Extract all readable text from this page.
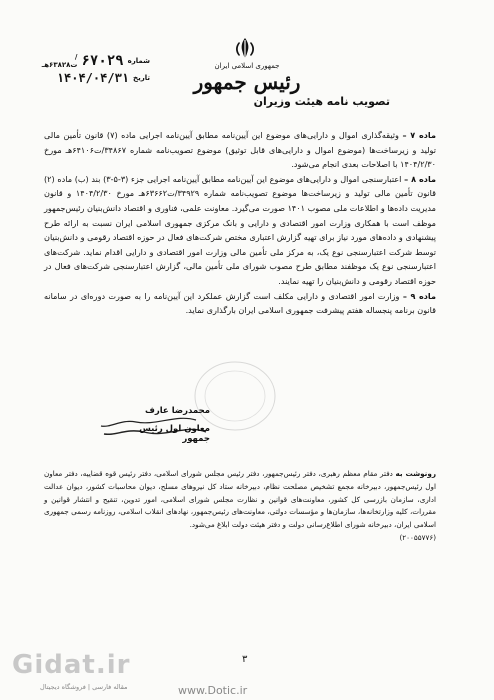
جمهوری اسلامی ایران
رئیس جمهور
تصویب نامه هیئت وزیران
شماره
۶۷۰۲۹
/ت۶۳۸۲۸هـ
تاریخ
۱۴۰۴/۰۴/۳۱

ماده ۷ – وثیقه‌گذاری اموال و دارایی‌های موضوع این آیین‌نامه مطابق آیین‌نامه اجرایی ماده (۷) قانون تأمین مالی تولید و زیرساخت‌ها (موضوع اموال و دارایی‌های قابل توثیق) موضوع تصویب‌نامه شماره ۳۴۸۶۷/ت۶۴۱۰۶هـ مورخ ۱۴۰۴/۲/۳۰ با اصلاحات بعدی انجام می‌شود.

ماده ۸ – اعتبارسنجی اموال و دارایی‌های موضوع این آیین‌نامه مطابق آیین‌نامه اجرایی جزء (۳-۵-۳) بند (ب) ماده (۲) قانون تأمین مالی تولید و زیرساخت‌ها موضوع تصویب‌نامه شماره ۳۴۹۲۹/ت۶۳۶۶۲هـ مورخ ۱۴۰۴/۲/۳۰ و قانون مدیریت داده‌ها و اطلاعات ملی مصوب ۱۴۰۱ صورت می‌گیرد. معاونت علمی، فناوری و اقتصاد دانش‌بنیان رئیس‌جمهور موظف است با همکاری وزارت امور اقتصادی و دارایی و بانک مرکزی جمهوری اسلامی ایران نسبت به ارائه طرح پیشنهادی و داده‌های مورد نیاز برای تهیه گزارش اعتباری مختص شرکت‌های فعال در حوزه اقتصاد رقومی و دانش‌بنیان توسط شرکت اعتبارسنجی نوع یک، به مرکز ملی تأمین مالی وزارت امور اقتصادی و دارایی اقدام نماید. شرکت‌های اعتبارسنجی نوع یک موظفند مطابق طرح مصوب شورای ملی تأمین مالی، گزارش اعتبارسنجی شرکت‌های فعال در حوزه اقتصاد رقومی و دانش‌بنیان را تهیه نمایند.

ماده ۹ – وزارت امور اقتصادی و دارایی مکلف است گزارش عملکرد این آیین‌نامه را به صورت دوره‌ای در سامانه قانون برنامه پنجساله هفتم پیشرفت جمهوری اسلامی ایران بارگذاری نماید.

محمدرضا عارف
معاون اول رئیس جمهور
رونوشت به دفتر مقام معظم رهبری، دفتر رئیس‌جمهور، دفتر رئیس مجلس شورای اسلامی، دفتر رئیس قوه قضاییه، دفتر معاون اول رئیس‌جمهور، دبیرخانه مجمع تشخیص مصلحت نظام، دبیرخانه ستاد کل نیروهای مسلح، دیوان محاسبات کشور، دیوان عدالت اداری، سازمان بازرسی کل کشور، معاونت‌های قوانین و نظارت مجلس شورای اسلامی، امور تدوین، تنقیح و انتشار قوانین و مقررات، کلیه وزارتخانه‌ها، سازمان‌ها و مؤسسات دولتی، معاونت‌های رئیس‌جمهور، نهادهای انقلاب اسلامی، روزنامه رسمی جمهوری اسلامی ایران، دبیرخانه شورای اطلاع‌رسانی دولت و دفتر هیئت دولت ابلاغ می‌شود.
(۲۰۰۵۵۷۷۶)
۳
Gidat.ir
مقاله فارسی | فروشگاه دیجیتال	www.Dotic.ir
